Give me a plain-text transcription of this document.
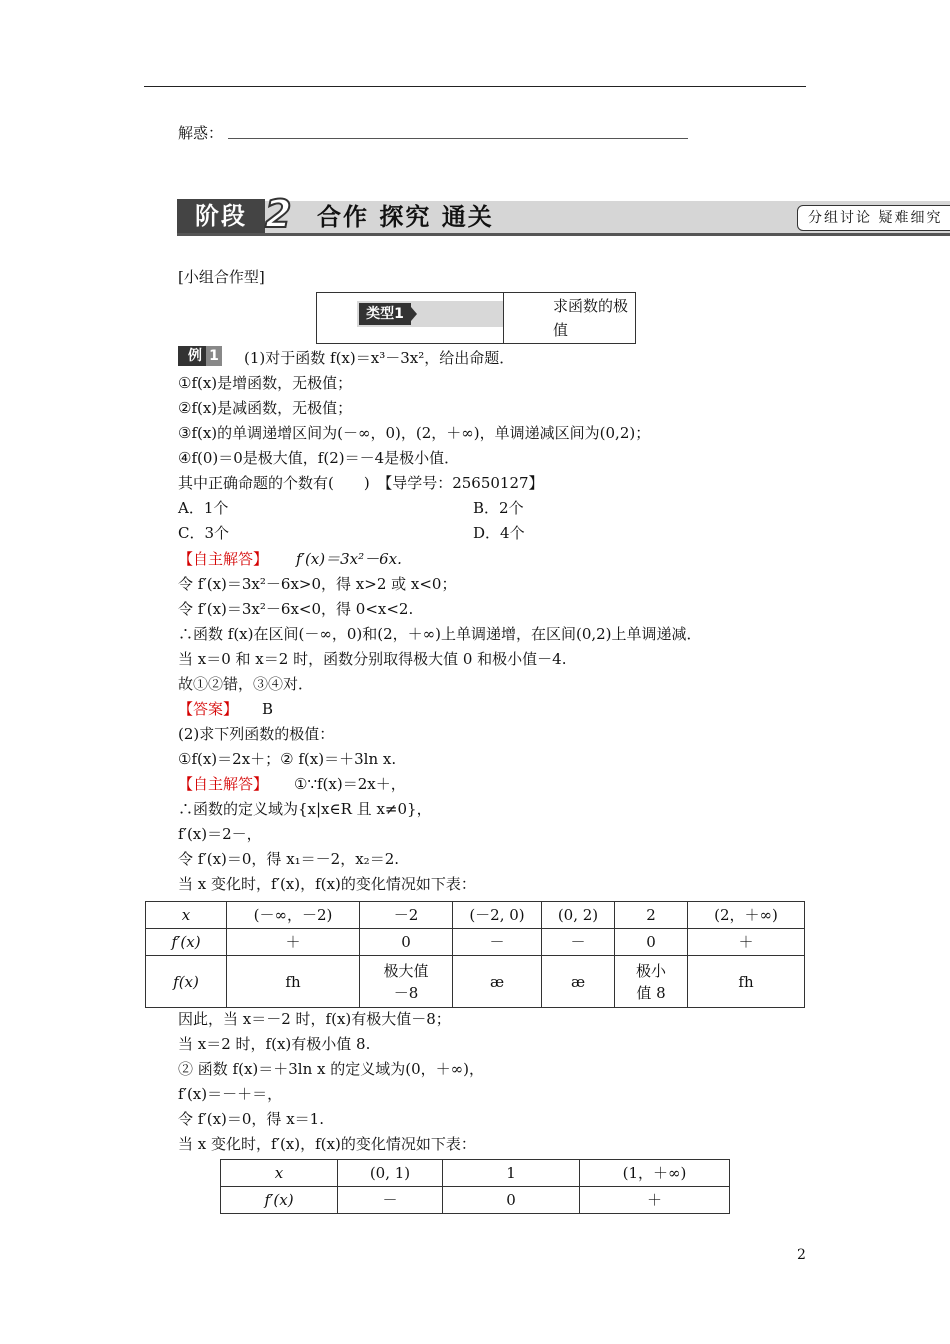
解惑：
阶段 2	合作 探究 通关	分组讨论 疑难细究
[小组合作型]
类型1	求函数的极值
例 1 (1)对于函数 f(x)＝x³－3x²，给出命题．
①f(x)是增函数，无极值；
②f(x)是减函数，无极值；
③f(x)的单调递增区间为(－∞，0)，(2，＋∞)，单调递减区间为(0,2)；
④f(0)＝0是极大值，f(2)＝－4是极小值．
其中正确命题的个数有(　　)　【导学号：25650127】
A．1个	B．2个
C．3个	D．4个
【自主解答】 f′(x)＝3x²－6x.
令 f′(x)＝3x²－6x>0，得 x>2 或 x<0；
令 f′(x)＝3x²－6x<0，得 0<x<2.
∴函数 f(x)在区间(－∞，0)和(2，＋∞)上单调递增，在区间(0,2)上单调递减．
当 x＝0 和 x＝2 时，函数分别取得极大值 0 和极小值－4.
故①②错，③④对．
【答案】 B
(2)求下列函数的极值：
①f(x)＝2x＋；② f(x)＝＋3ln x.
【自主解答】 ①∵f(x)＝2x＋，
∴函数的定义域为{x|x∈R 且 x≠0}，
f′(x)＝2－，
令 f′(x)＝0，得 x₁＝－2，x₂＝2.
当 x 变化时，f′(x)，f(x)的变化情况如下表：
x	(－∞，－2)	－2	(－2, 0)	(0, 2)	2	(2，＋∞)
f′(x)	＋	0	－	－	0	＋
f(x)	fh	极大值－8	æ	æ	极小值 8	fh
因此，当 x＝－2 时，f(x)有极大值－8；
当 x＝2 时，f(x)有极小值 8.
② 函数 f(x)＝＋3ln x 的定义域为(0，＋∞)，
f′(x)＝－＋＝，
令 f′(x)＝0，得 x＝1.
当 x 变化时，f′(x)，f(x)的变化情况如下表：
x	(0, 1)	1	(1，＋∞)
f′(x)	－	0	＋
2
